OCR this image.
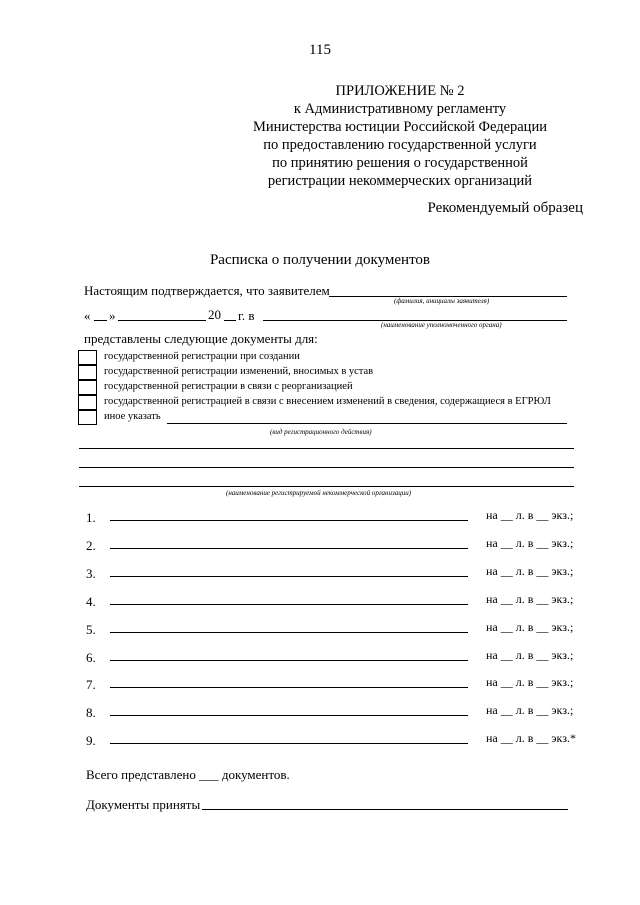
115
ПРИЛОЖЕНИЕ № 2
к Административному регламенту
Министерства юстиции Российской Федерации
по предоставлению государственной услуги
по принятию решения о государственной
регистрации некоммерческих организаций
Рекомендуемый образец
Расписка о получении документов
Настоящим подтверждается, что заявителем
(фамилия, инициалы заявителя)
« »	20 г. в
(наименование уполномоченного органа)
представлены следующие документы для:
государственной регистрации при создании
государственной регистрации изменений, вносимых в устав
государственной регистрации в связи с реорганизацией
государственной регистрацией в связи с внесением изменений в сведения, содержащиеся в ЕГРЮЛ
иное указать
(вид регистрационного действия)
(наименование регистрируемой некоммерческой организации)
1.	на __ л. в __ экз.;
2.	на __ л. в __ экз.;
3.	на __ л. в __ экз.;
4.	на __ л. в __ экз.;
5.	на __ л. в __ экз.;
6.	на __ л. в __ экз.;
7.	на __ л. в __ экз.;
8.	на __ л. в __ экз.;
9.	на __ л. в __ экз.*
Всего представлено ___ документов.
Документы приняты
